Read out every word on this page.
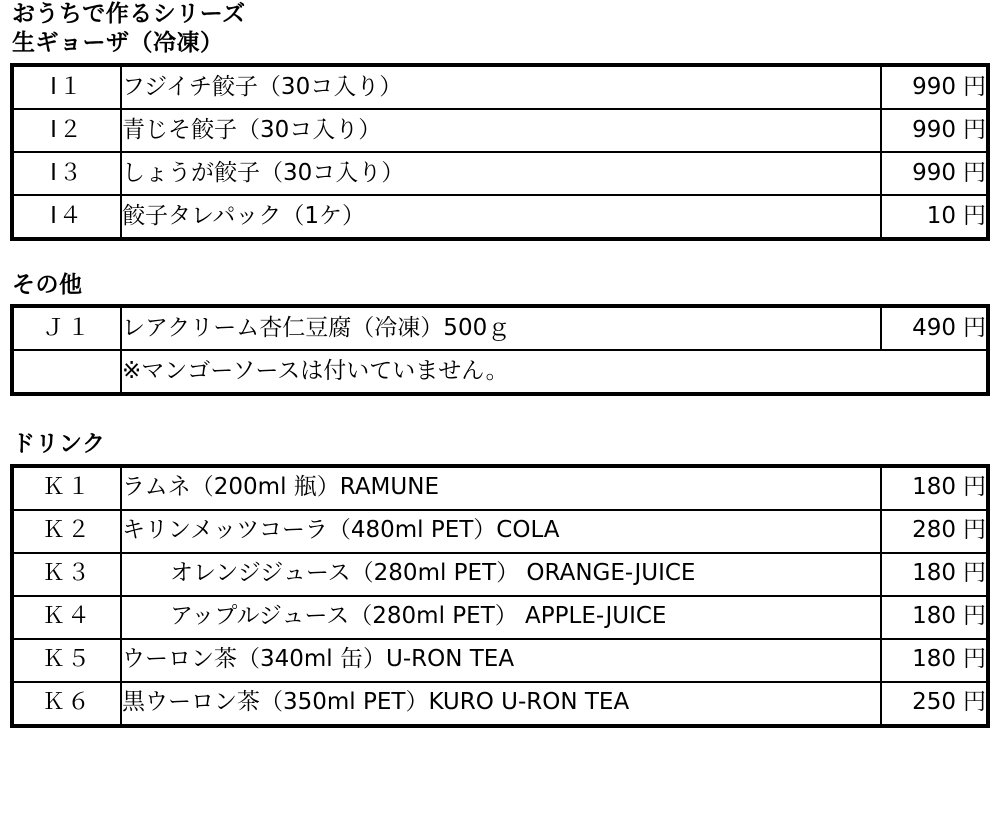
おうちで作るシリーズ
生ギョーザ（冷凍）
Ⅰ１	フジイチ餃子（30コ入り）	990 円
Ⅰ２	青じそ餃子（30コ入り）	990 円
Ⅰ３	しょうが餃子（30コ入り）	990 円
Ⅰ４	餃子タレパック（1ケ）	10 円
その他
Ｊ１	レアクリーム杏仁豆腐（冷凍）500ｇ	490 円
	※マンゴーソースは付いていません。	
ドリンク
Ｋ１	ラムネ（200ml 瓶）RAMUNE	180 円
Ｋ２	キリンメッツコーラ（480ml PET）COLA	280 円
Ｋ３	オレンジジュース（280ml PET） ORANGE-JUICE	180 円
Ｋ４	アップルジュース（280ml PET） APPLE-JUICE	180 円
Ｋ５	ウーロン茶（340ml 缶）U-RON TEA	180 円
Ｋ６	黒ウーロン茶（350ml PET）KURO U-RON TEA	250 円
